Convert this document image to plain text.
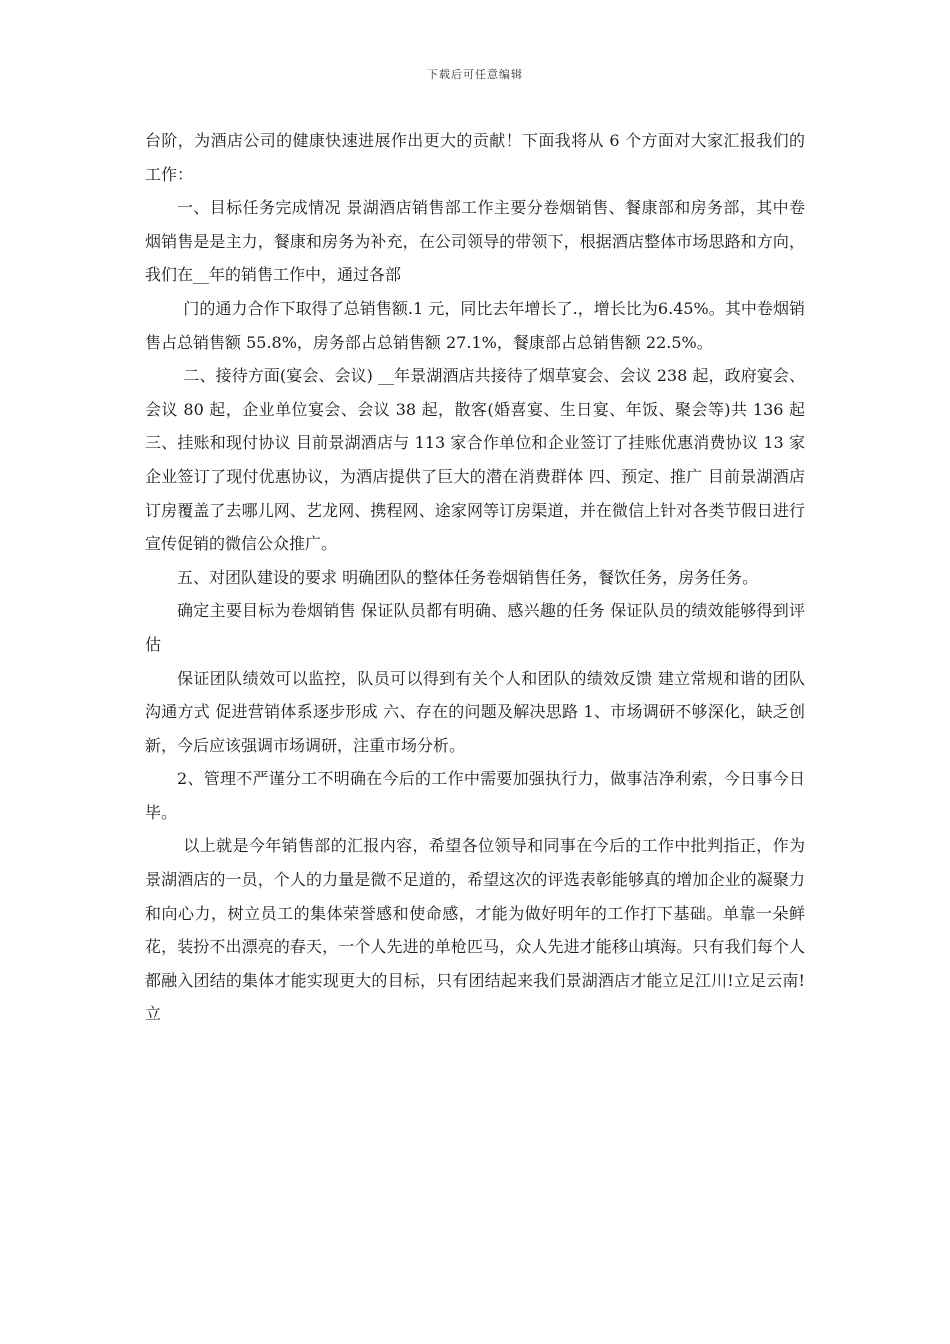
下载后可任意编辑

台阶，为酒店公司的健康快速进展作出更大的贡献！下面我将从 6 个方面对大家汇报我们的工作：

一、目标任务完成情况 景湖酒店销售部工作主要分卷烟销售、餐康部和房务部，其中卷烟销售是是主力，餐康和房务为补充，在公司领导的带领下，根据酒店整体市场思路和方向，我们在__年的销售工作中，通过各部

门的通力合作下取得了总销售额.1 元，同比去年增长了.，增长比为6.45%。其中卷烟销售占总销售额 55.8%，房务部占总销售额 27.1%，餐康部占总销售额 22.5%。

二、接待方面(宴会、会议) __年景湖酒店共接待了烟草宴会、会议 238 起，政府宴会、会议 80 起，企业单位宴会、会议 38 起，散客(婚喜宴、生日宴、年饭、聚会等)共 136 起 三、挂账和现付协议 目前景湖酒店与 113 家合作单位和企业签订了挂账优惠消费协议 13 家企业签订了现付优惠协议，为酒店提供了巨大的潜在消费群体 四、预定、推广 目前景湖酒店订房覆盖了去哪儿网、艺龙网、携程网、途家网等订房渠道，并在微信上针对各类节假日进行宣传促销的微信公众推广。

五、对团队建设的要求 明确团队的整体任务卷烟销售任务，餐饮任务，房务任务。

确定主要目标为卷烟销售 保证队员都有明确、感兴趣的任务 保证队员的绩效能够得到评估

保证团队绩效可以监控，队员可以得到有关个人和团队的绩效反馈 建立常规和谐的团队沟通方式 促进营销体系逐步形成 六、存在的问题及解决思路 1、市场调研不够深化，缺乏创新，今后应该强调市场调研，注重市场分析。

2、管理不严谨分工不明确在今后的工作中需要加强执行力，做事洁净利索，今日事今日毕。

以上就是今年销售部的汇报内容，希望各位领导和同事在今后的工作中批判指正，作为景湖酒店的一员，个人的力量是微不足道的，希望这次的评选表彰能够真的增加企业的凝聚力和向心力，树立员工的集体荣誉感和使命感，才能为做好明年的工作打下基础。单靠一朵鲜花，装扮不出漂亮的春天，一个人先进的单枪匹马，众人先进才能移山填海。只有我们每个人都融入团结的集体才能实现更大的目标，只有团结起来我们景湖酒店才能立足江川!立足云南!立
